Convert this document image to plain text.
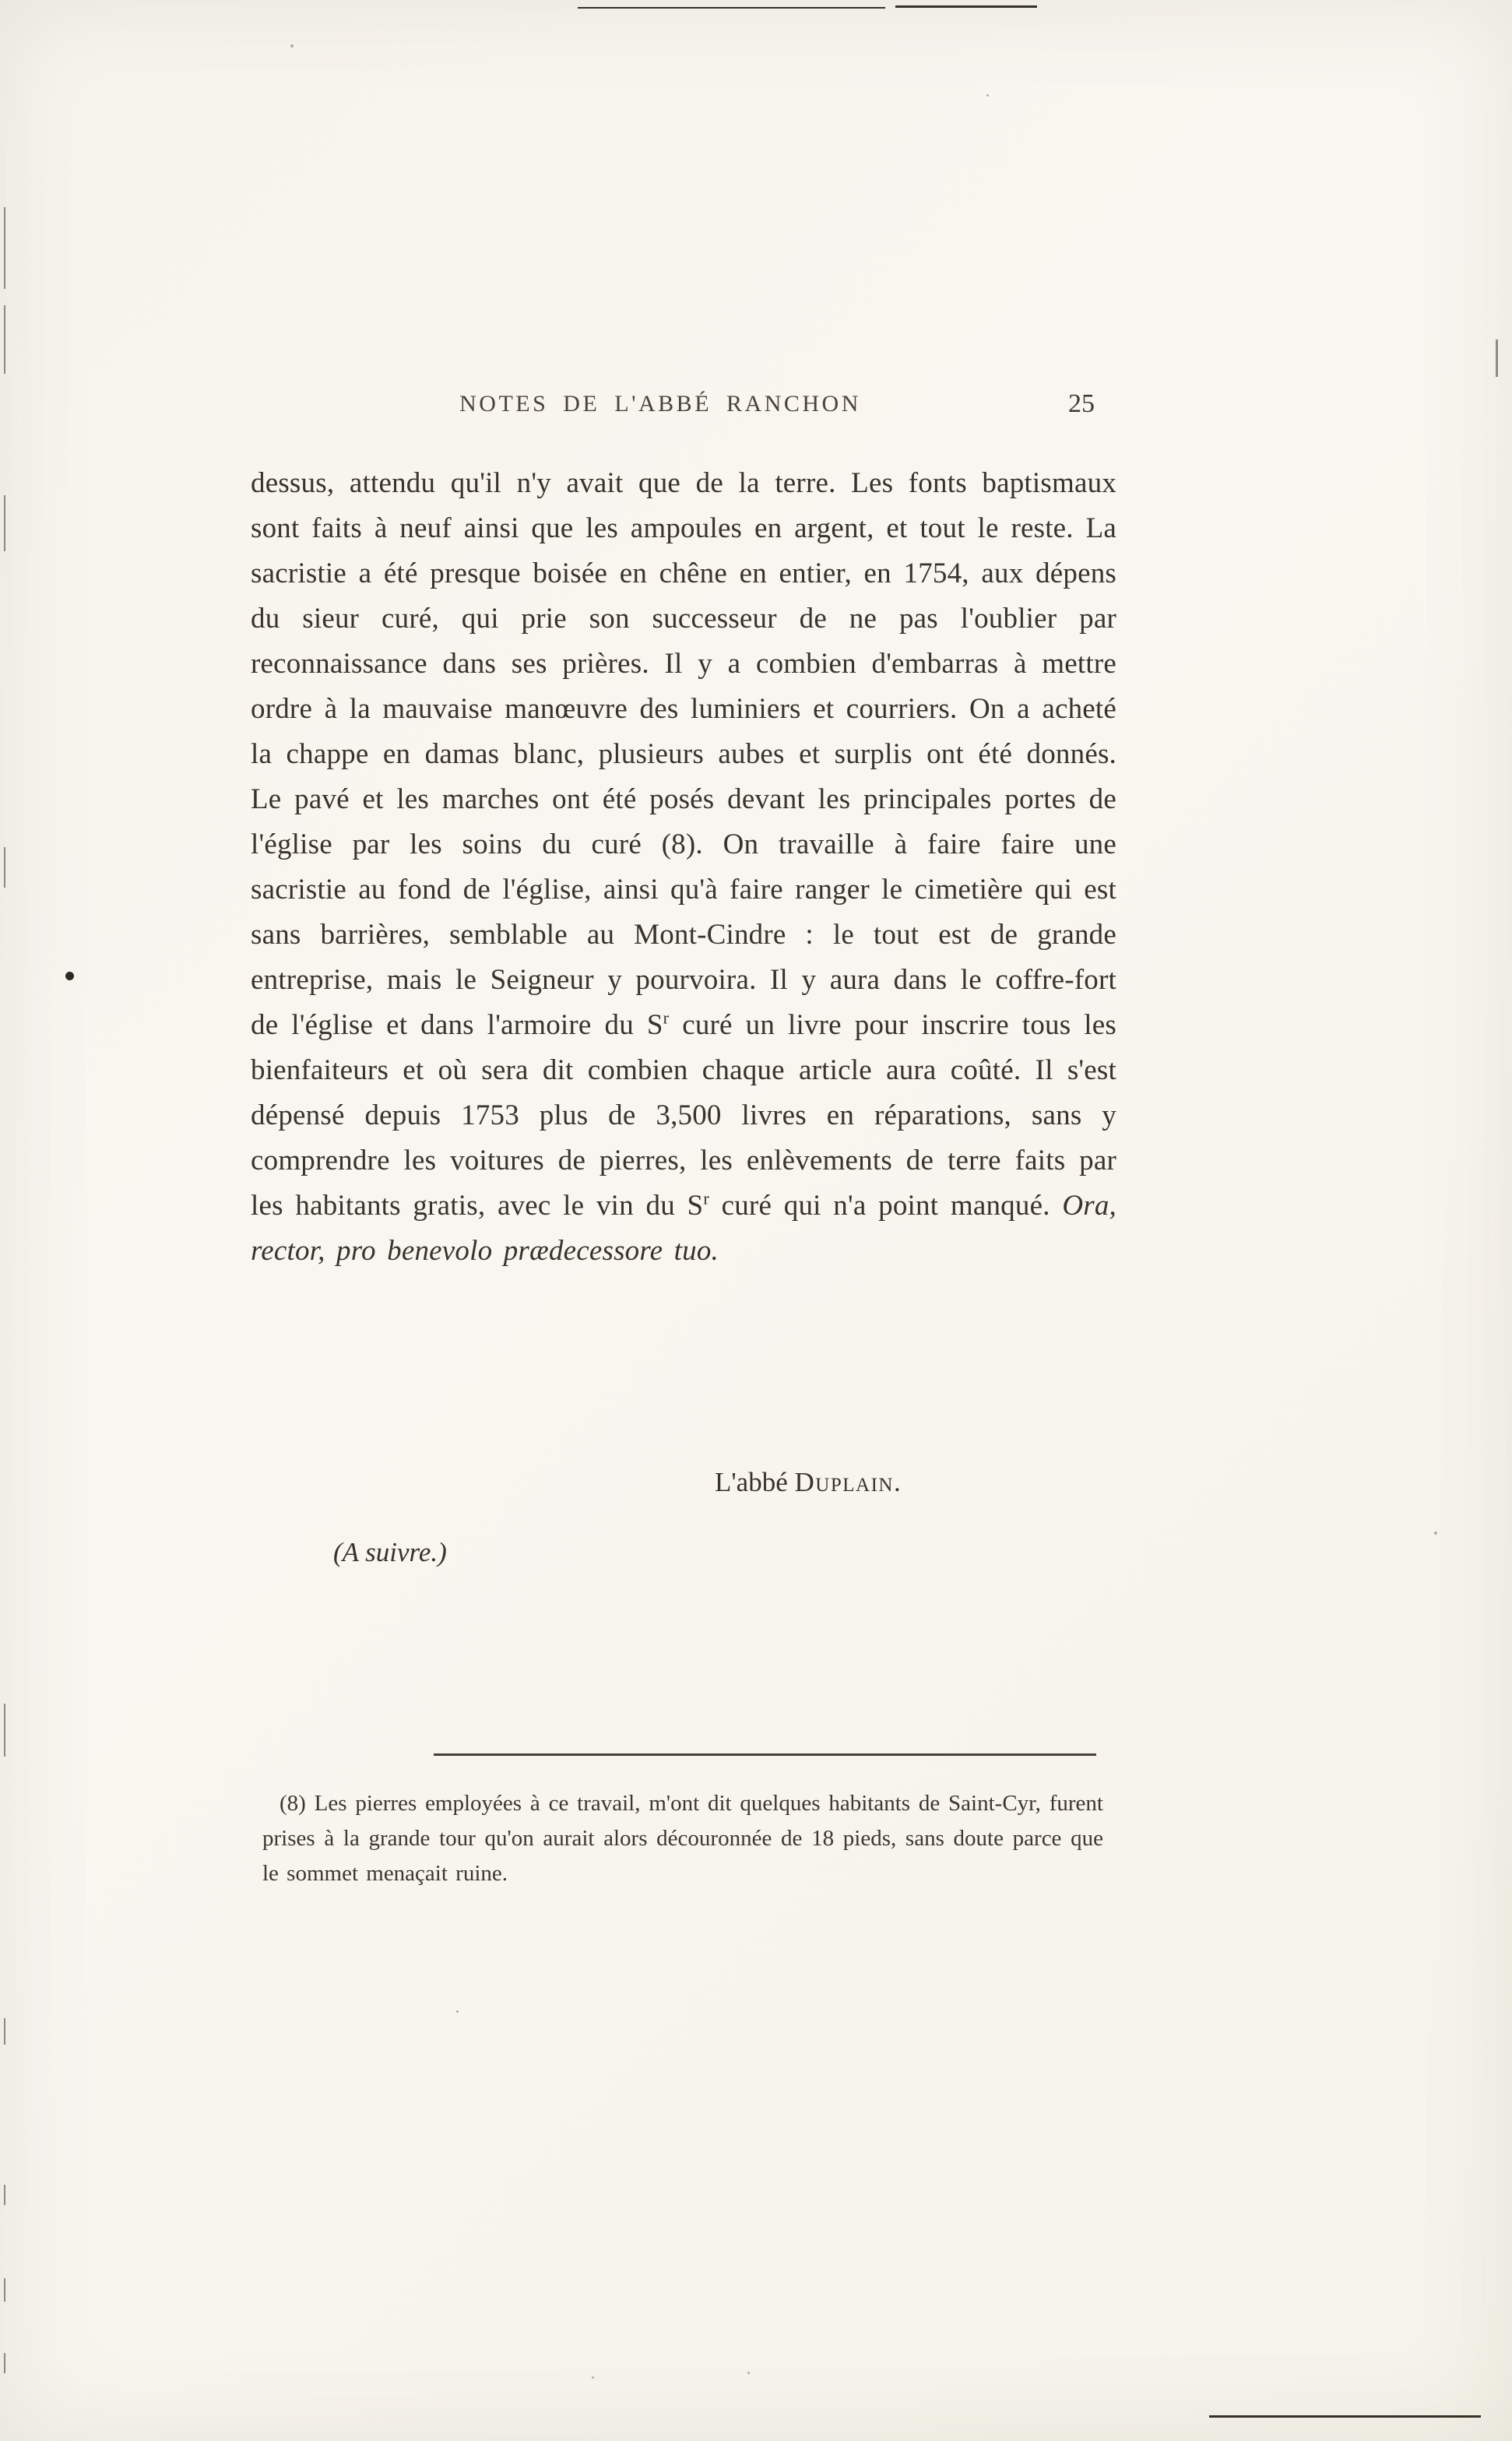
NOTES DE L'ABBÉ RANCHON	25
dessus, attendu qu'il n'y avait que de la terre. Les fonts baptismaux sont faits à neuf ainsi que les ampoules en argent, et tout le reste. La sacristie a été presque boisée en chêne en entier, en 1754, aux dépens du sieur curé, qui prie son successeur de ne pas l'oublier par reconnaissance dans ses prières. Il y a combien d'embarras à mettre ordre à la mauvaise manœuvre des luminiers et courriers. On a acheté la chappe en damas blanc, plusieurs aubes et surplis ont été donnés. Le pavé et les marches ont été posés devant les principales portes de l'église par les soins du curé (8). On travaille à faire faire une sacristie au fond de l'église, ainsi qu'à faire ranger le cimetière qui est sans barrières, semblable au Mont-Cindre : le tout est de grande entreprise, mais le Seigneur y pourvoira. Il y aura dans le coffre-fort de l'église et dans l'armoire du $S^r$ curé un livre pour inscrire tous les bienfaiteurs et où sera dit combien chaque article aura coûté. Il s'est dépensé depuis 1753 plus de 3,500 livres en réparations, sans y comprendre les voitures de pierres, les enlèvements de terre faits par les habitants gratis, avec le vin du $S^r$ curé qui n'a point manqué. Ora, rector, pro benevolo prædecessore tuo.
L'abbé Duplain.
(A suivre.)
(8) Les pierres employées à ce travail, m'ont dit quelques habitants de Saint-Cyr, furent prises à la grande tour qu'on aurait alors découronnée de 18 pieds, sans doute parce que le sommet menaçait ruine.
